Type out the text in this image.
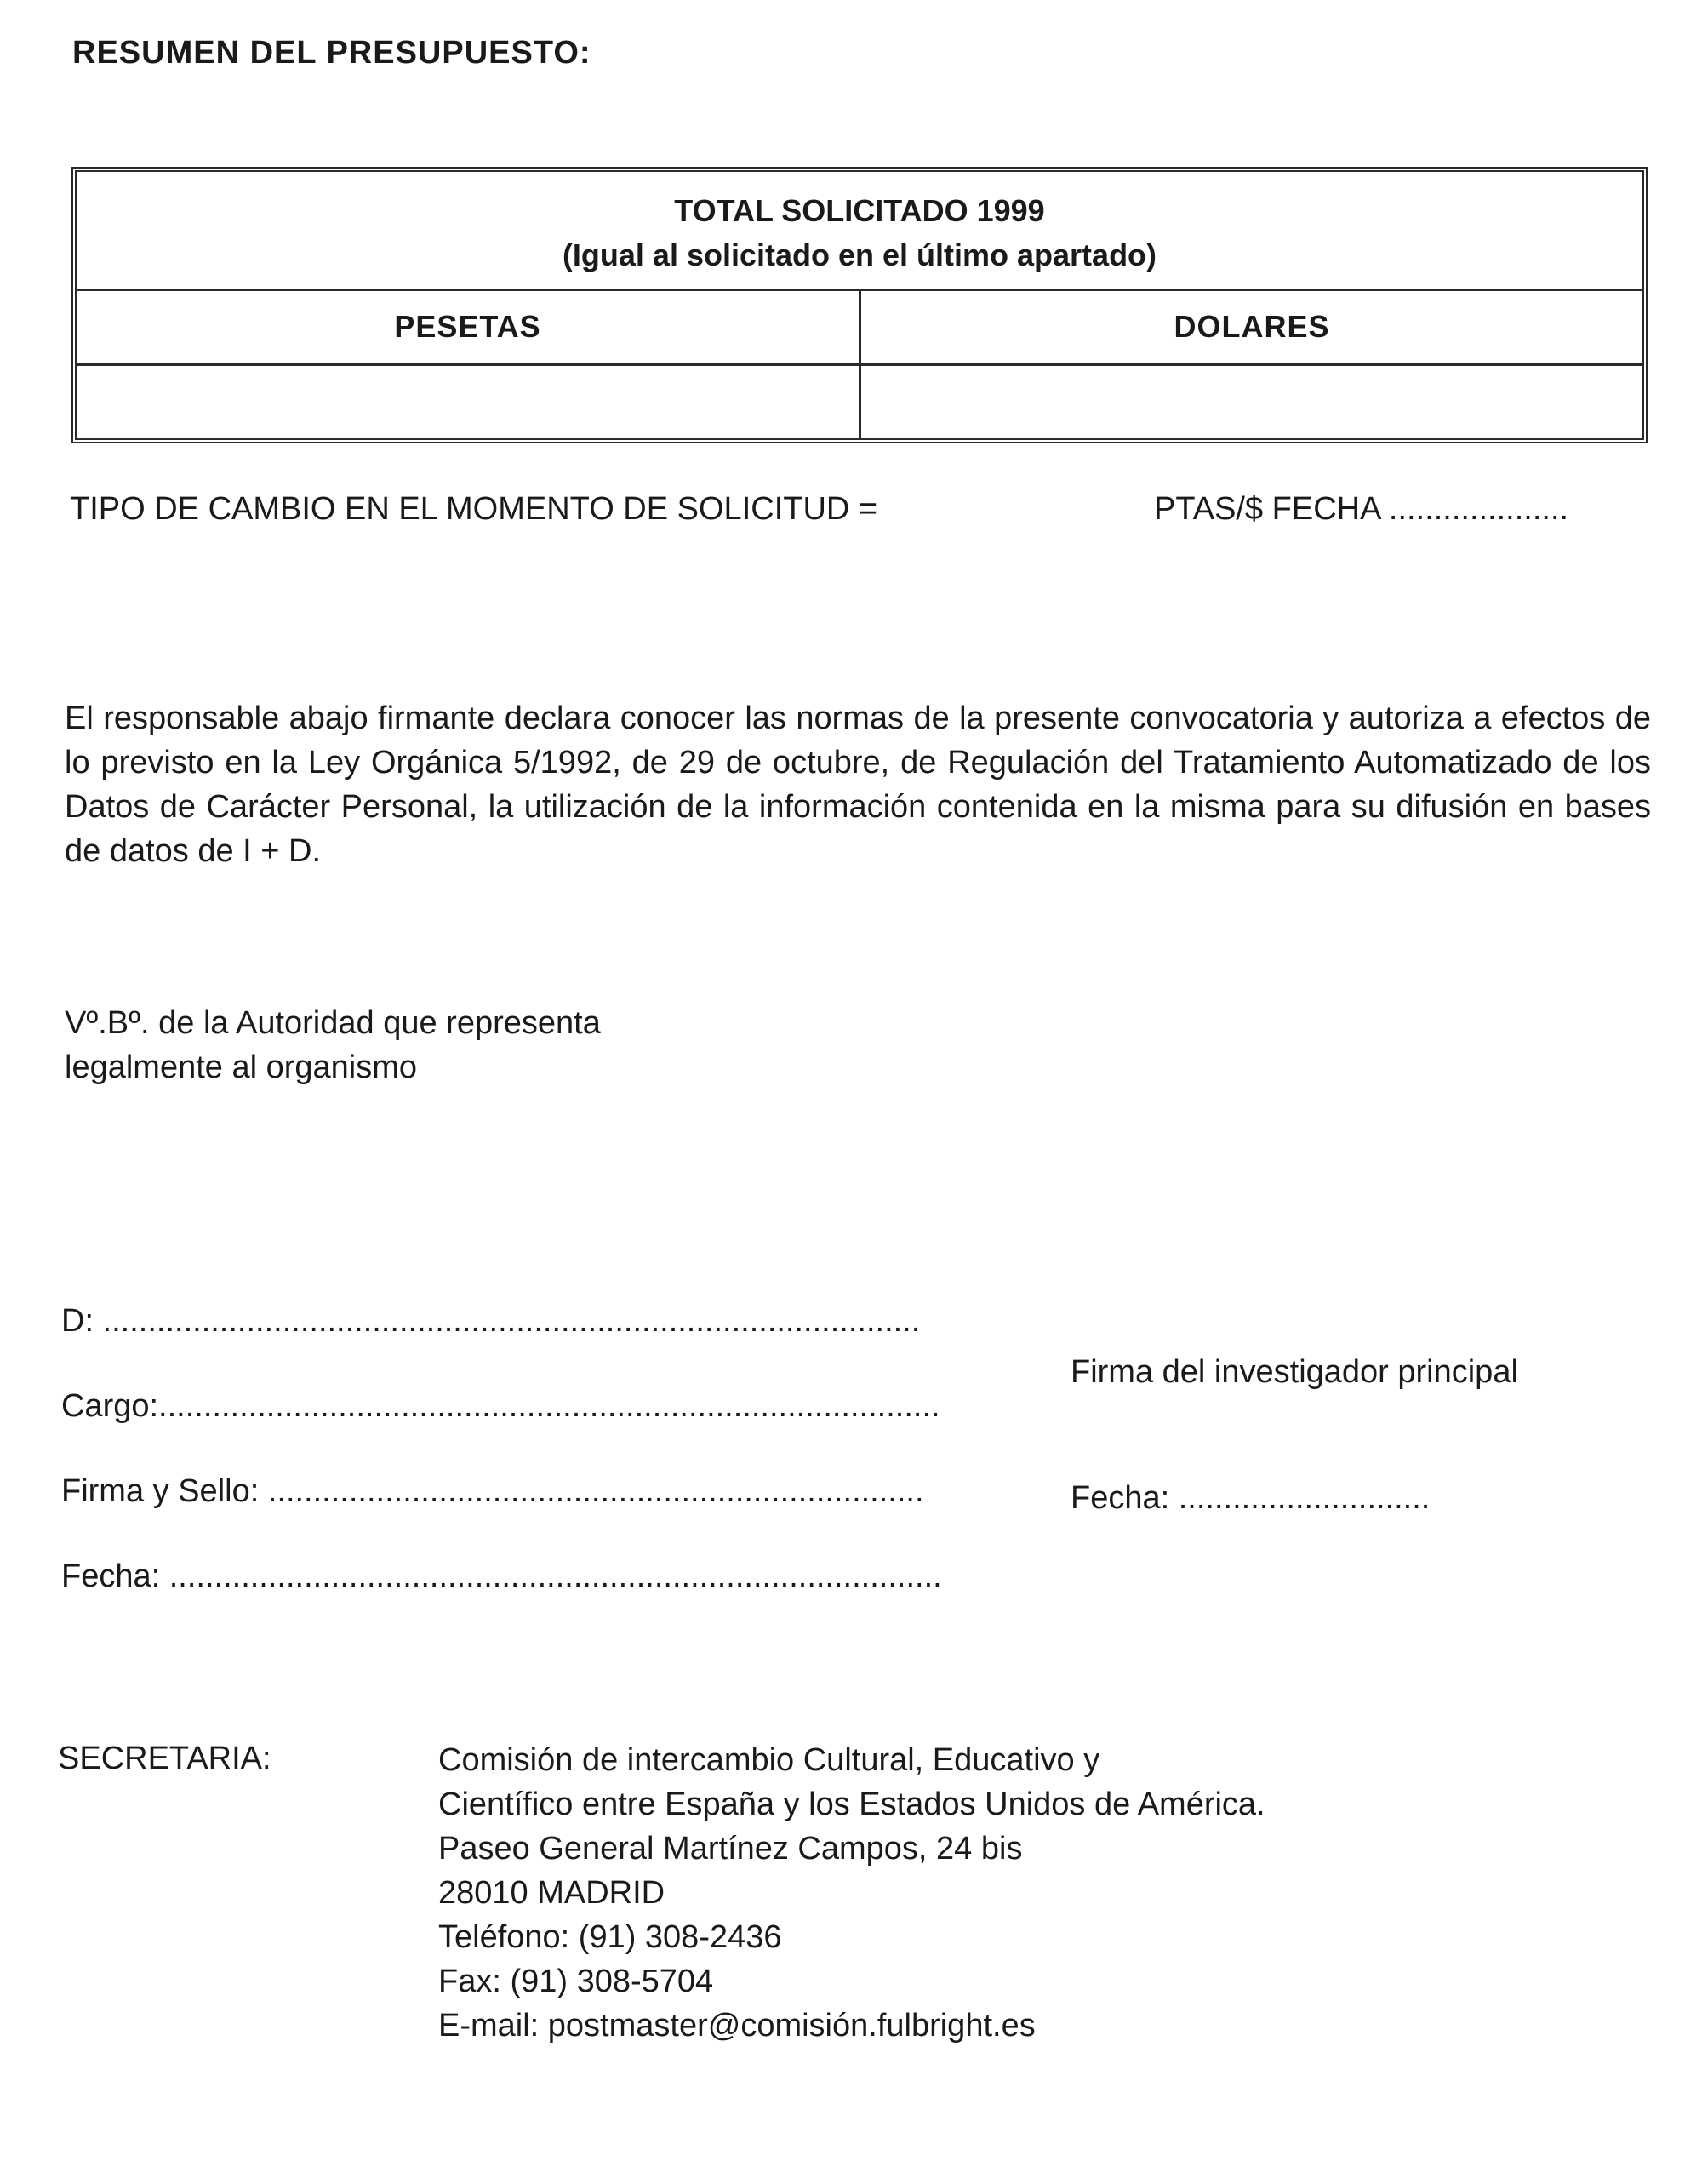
RESUMEN DEL PRESUPUESTO:
TOTAL SOLICITADO 1999
(Igual al solicitado en el último apartado)
PESETAS	DOLARES
TIPO DE CAMBIO EN EL MOMENTO DE SOLICITUD =	PTAS/$ FECHA ....................
El responsable abajo firmante declara conocer las normas de la presente convocatoria y autoriza a efectos de lo previsto en la Ley Orgánica 5/1992, de 29 de octubre, de Regulación del Tratamiento Automatizado de los Datos de Carácter Personal, la utilización de la información contenida en la misma para su difusión en bases de datos de I + D.
Vº.Bº. de la Autoridad que representa
legalmente al organismo
D: ...........................................................................................
Cargo:.......................................................................................
Firma y Sello: .........................................................................
Fecha: ......................................................................................
Firma del investigador principal
Fecha: ............................
SECRETARIA:	Comisión de intercambio Cultural, Educativo y
Científico entre España y los Estados Unidos de América.
Paseo General Martínez Campos, 24 bis
28010 MADRID
Teléfono: (91) 308-2436
Fax: (91) 308-5704
E-mail: postmaster@comisión.fulbright.es
